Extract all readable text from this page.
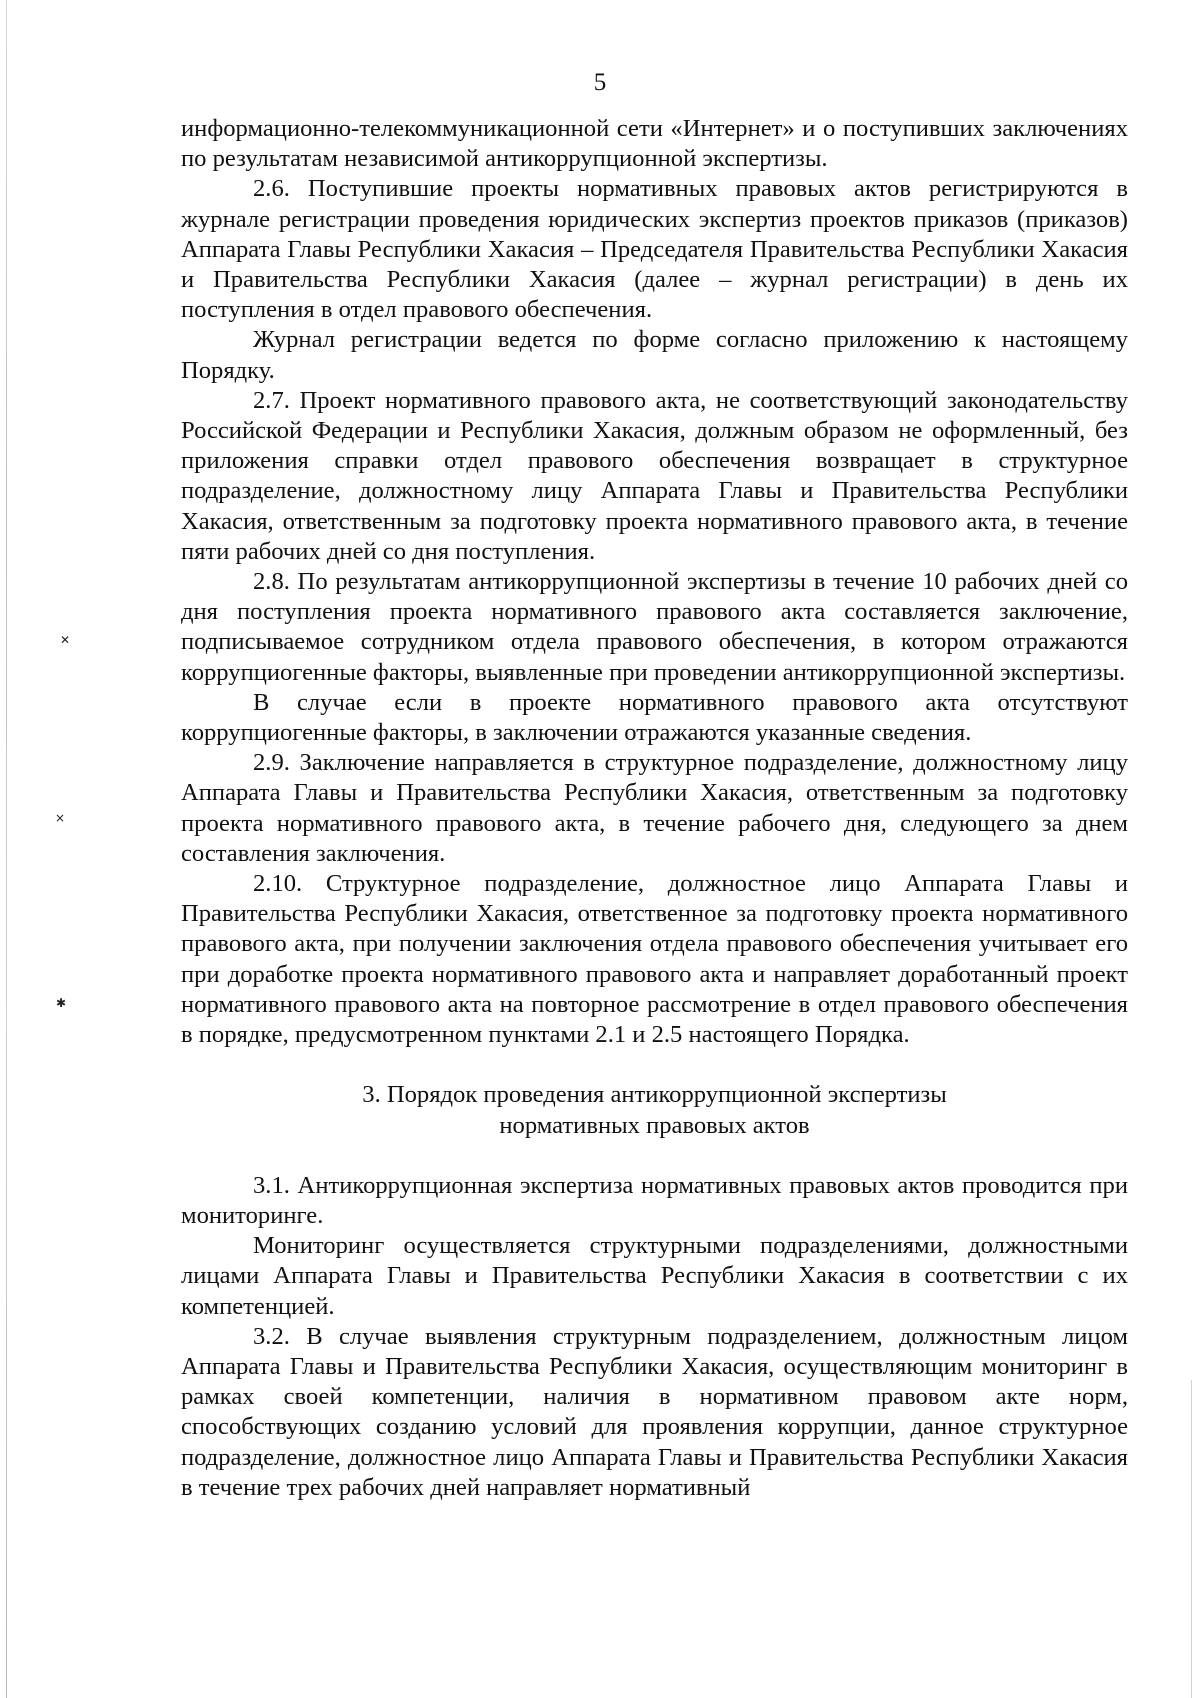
✕
×
✱
5

информационно-телекоммуникационной сети «Интернет» и о поступивших заключениях по результатам независимой антикоррупционной экспертизы.

2.6. Поступившие проекты нормативных правовых актов регистрируются в журнале регистрации проведения юридических экспертиз проектов приказов (приказов) Аппарата Главы Республики Хакасия – Председателя Правительства Республики Хакасия и Правительства Республики Хакасия (далее – журнал регистрации) в день их поступления в отдел правового обеспечения.

Журнал регистрации ведется по форме согласно приложению к настоящему Порядку.

2.7. Проект нормативного правового акта, не соответствующий законодательству Российской Федерации и Республики Хакасия, должным образом не оформленный, без приложения справки отдел правового обеспечения возвращает в структурное подразделение, должностному лицу Аппарата Главы и Правительства Республики Хакасия, ответственным за подготовку проекта нормативного правового акта, в течение пяти рабочих дней со дня поступления.

2.8. По результатам антикоррупционной экспертизы в течение 10 рабочих дней со дня поступления проекта нормативного правового акта составляется заключение, подписываемое сотрудником отдела правового обеспечения, в котором отражаются коррупциогенные факторы, выявленные при проведении антикоррупционной экспертизы.

В случае если в проекте нормативного правового акта отсутствуют коррупциогенные факторы, в заключении отражаются указанные сведения.

2.9. Заключение направляется в структурное подразделение, должностному лицу Аппарата Главы и Правительства Республики Хакасия, ответственным за подготовку проекта нормативного правового акта, в течение рабочего дня, следующего за днем составления заключения.

2.10. Структурное подразделение, должностное лицо Аппарата Главы и Правительства Республики Хакасия, ответственное за подготовку проекта нормативного правового акта, при получении заключения отдела правового обеспечения учитывает его при доработке проекта нормативного правового акта и направляет доработанный проект нормативного правового акта на повторное рассмотрение в отдел правового обеспечения в порядке, предусмотренном пунктами 2.1 и 2.5 настоящего Порядка.

3. Порядок проведения антикоррупционной экспертизы

нормативных правовых актов

3.1. Антикоррупционная экспертиза нормативных правовых актов проводится при мониторинге.

Мониторинг осуществляется структурными подразделениями, должностными лицами Аппарата Главы и Правительства Республики Хакасия в соответствии с их компетенцией.

3.2. В случае выявления структурным подразделением, должностным лицом Аппарата Главы и Правительства Республики Хакасия, осуществляющим мониторинг в рамках своей компетенции, наличия в нормативном правовом акте норм, способствующих созданию условий для проявления коррупции, данное структурное подразделение, должностное лицо Аппарата Главы и Правительства Республики Хакасия в течение трех рабочих дней направляет нормативный
